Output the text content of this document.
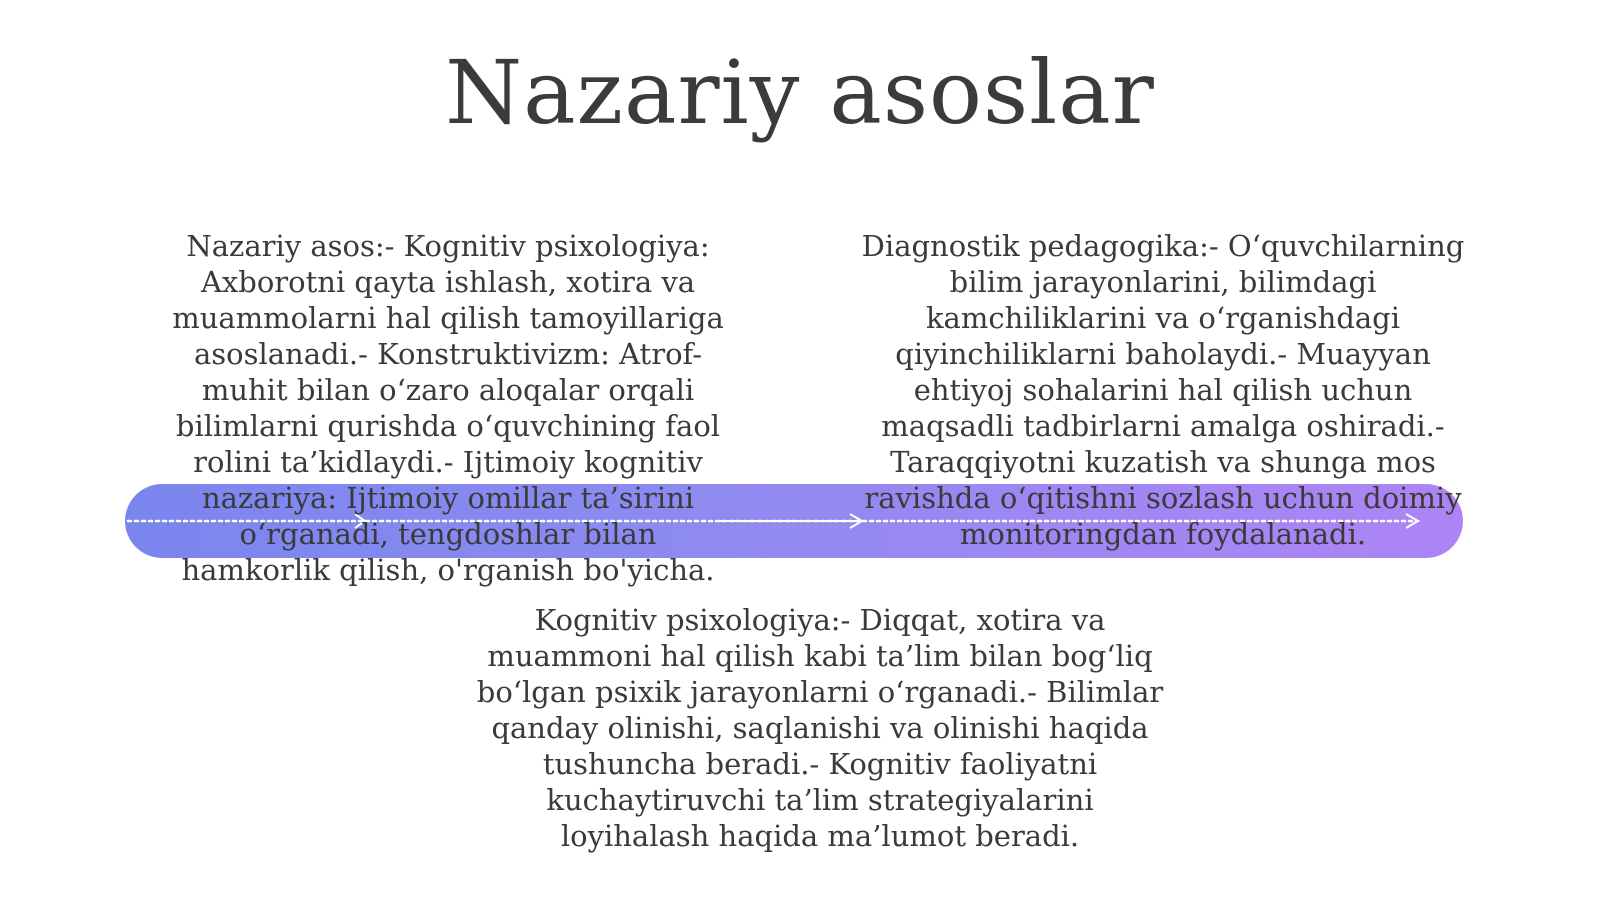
Nazariy asoslar
Nazariy asos:- Kognitiv psixologiya: Axborotni qayta ishlash, xotira va muammolarni hal qilish tamoyillariga asoslanadi.- Konstruktivizm: Atrof-muhit bilan o‘zaro aloqalar orqali bilimlarni qurishda o‘quvchining faol rolini ta’kidlaydi.- Ijtimoiy kognitiv nazariya: Ijtimoiy omillar ta’sirini o‘rganadi, tengdoshlar bilan hamkorlik qilish, o'rganish bo'yicha.
Diagnostik pedagogika:- O‘quvchilarning bilim jarayonlarini, bilimdagi kamchiliklarini va o‘rganishdagi qiyinchiliklarni baholaydi.- Muayyan ehtiyoj sohalarini hal qilish uchun maqsadli tadbirlarni amalga oshiradi.- Taraqqiyotni kuzatish va shunga mos ravishda o‘qitishni sozlash uchun doimiy monitoringdan foydalanadi.
Kognitiv psixologiya:- Diqqat, xotira va muammoni hal qilish kabi ta’lim bilan bog‘liq bo‘lgan psixik jarayonlarni o‘rganadi.- Bilimlar qanday olinishi, saqlanishi va olinishi haqida tushuncha beradi.- Kognitiv faoliyatni kuchaytiruvchi ta’lim strategiyalarini loyihalash haqida ma’lumot beradi.
